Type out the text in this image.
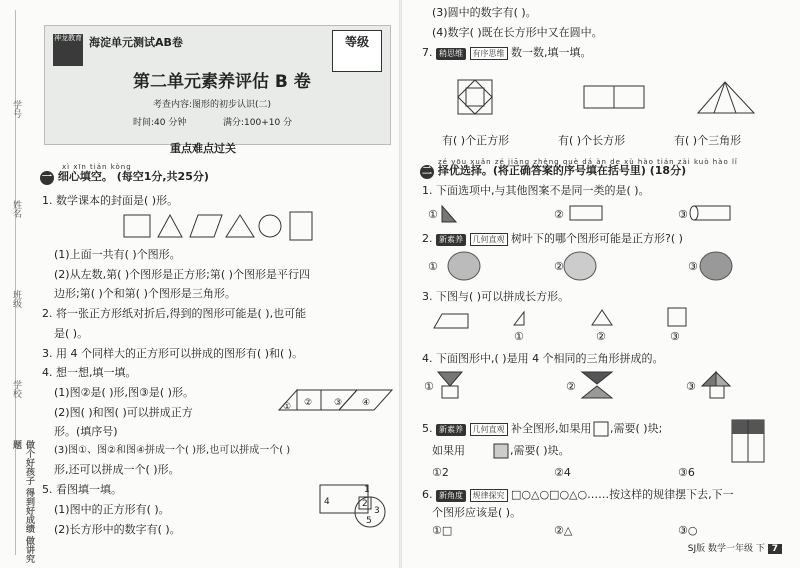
学号
姓名
班级
学校
做个好孩子 得到好成绩 做讲究题
神龙教育 海淀单元测试AB卷	等级
第二单元素养评估 B 卷
考查内容:图形的初步认识(二)
时间:40 分钟	满分:100+10 分
重点难点过关
xì xīn tián kòng
一 细心填空。 (每空1分,共25分)
1. 数学课本的封面是( )形。
① ② ③ ④
4
1
2
3
5
(1)上面一共有( )个图形。
(2)从左数,第( )个图形是正方形;第( )个图形是平行四
边形;第( )个和第( )个图形是三角形。
2. 将一张正方形纸对折后,得到的图形可能是( ),也可能
是( )。
3. 用 4 个同样大的正方形可以拼成的图形有( )和( )。
4. 想一想,填一填。
(1)图②是( )形,图③是( )形。
(2)图( )和图( )可以拼成正方
形。(填序号)
(3)图①、图②和图④拼成一个( )形,也可以拼成一个( )
形,还可以拼成一个( )形。
5. 看图填一填。
(1)图中的正方形有( )。
(2)长方形中的数字有( )。
(3)圆中的数字有( )。
(4)数字( )既在长方形中又在圆中。
7. 稍思维 有序思维 数一数,填一填。
有( )个正方形	有( )个长方形	有( )个三角形
zé yōu xuǎn zé jiāng zhèng què dá àn de xù hào tián zài kuò hào lǐ
二 择优选择。(将正确答案的序号填在括号里) (18分)
1. 下面选项中,与其他图案不是同一类的是( )。
①	②	③
2. 新素养 几何直观 树叶下的哪个图形可能是正方形?( )
①	②	③
3. 下图与( )可以拼成长方形。
①	②	③
4. 下面图形中,( )是用 4 个相同的三角形拼成的。
①	②	③
5. 新素养 几何直观 补全图形,如果用 ,需要( )块;
如果用	,需要( )块。
①2	②4	③6
6. 新角度 规律探究 □○△○□○△○……按这样的规律摆下去,下一
个图形应该是( )。
①□	②△	③○
SJ版 数学一年级 下 7
